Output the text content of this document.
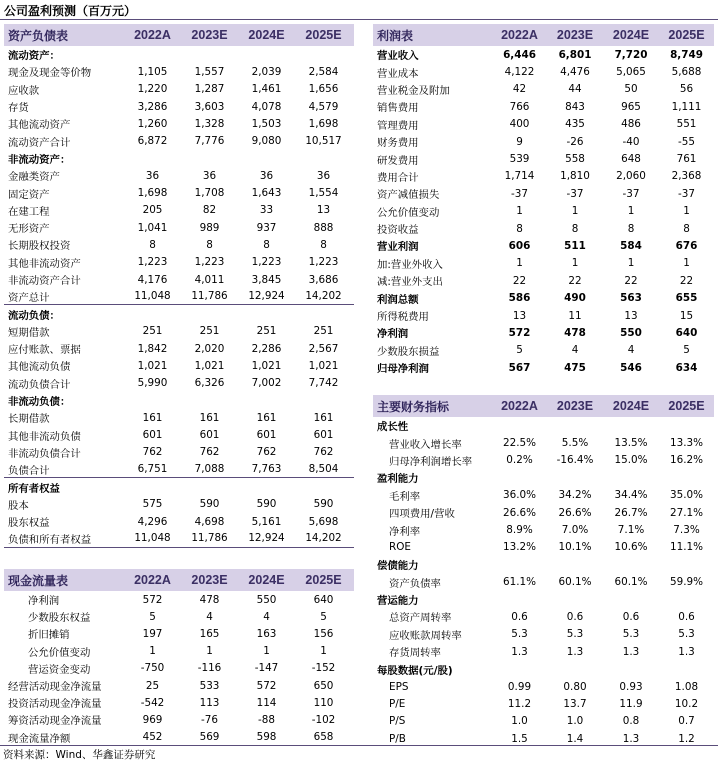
公司盈利预测（百万元）
资产负债表	2022A	2023E	2024E	2025E
流动资产：
现金及现金等价物	1,105	1,557	2,039	2,584
应收款	1,220	1,287	1,461	1,656
存货	3,286	3,603	4,078	4,579
其他流动资产	1,260	1,328	1,503	1,698
流动资产合计	6,872	7,776	9,080	10,517
非流动资产：
金融类资产	36	36	36	36
固定资产	1,698	1,708	1,643	1,554
在建工程	205	82	33	13
无形资产	1,041	989	937	888
长期股权投资	8	8	8	8
其他非流动资产	1,223	1,223	1,223	1,223
非流动资产合计	4,176	4,011	3,845	3,686
资产总计	11,048	11,786	12,924	14,202
流动负债：
短期借款	251	251	251	251
应付账款、票据	1,842	2,020	2,286	2,567
其他流动负债	1,021	1,021	1,021	1,021
流动负债合计	5,990	6,326	7,002	7,742
非流动负债：
长期借款	161	161	161	161
其他非流动负债	601	601	601	601
非流动负债合计	762	762	762	762
负债合计	6,751	7,088	7,763	8,504
所有者权益
股本	575	590	590	590
股东权益	4,296	4,698	5,161	5,698
负债和所有者权益	11,048	11,786	12,924	14,202
现金流量表	2022A	2023E	2024E	2025E
净利润	572	478	550	640
少数股东权益	5	4	4	5
折旧摊销	197	165	163	156
公允价值变动	1	1	1	1
营运资金变动	-750	-116	-147	-152
经营活动现金净流量	25	533	572	650
投资活动现金净流量	-542	113	114	110
筹资活动现金净流量	969	-76	-88	-102
现金流量净额	452	569	598	658
利润表	2022A	2023E	2024E	2025E
营业收入	6,446	6,801	7,720	8,749
营业成本	4,122	4,476	5,065	5,688
营业税金及附加	42	44	50	56
销售费用	766	843	965	1,111
管理费用	400	435	486	551
财务费用	9	-26	-40	-55
研发费用	539	558	648	761
费用合计	1,714	1,810	2,060	2,368
资产减值损失	-37	-37	-37	-37
公允价值变动	1	1	1	1
投资收益	8	8	8	8
营业利润	606	511	584	676
加:营业外收入	1	1	1	1
减:营业外支出	22	22	22	22
利润总额	586	490	563	655
所得税费用	13	11	13	15
净利润	572	478	550	640
少数股东损益	5	4	4	5
归母净利润	567	475	546	634
主要财务指标	2022A	2023E	2024E	2025E
成长性
营业收入增长率	22.5%	5.5%	13.5%	13.3%
归母净利润增长率	0.2%	-16.4%	15.0%	16.2%
盈利能力
毛利率	36.0%	34.2%	34.4%	35.0%
四项费用/营收	26.6%	26.6%	26.7%	27.1%
净利率	8.9%	7.0%	7.1%	7.3%
ROE	13.2%	10.1%	10.6%	11.1%
偿债能力
资产负债率	61.1%	60.1%	60.1%	59.9%
营运能力
总资产周转率	0.6	0.6	0.6	0.6
应收账款周转率	5.3	5.3	5.3	5.3
存货周转率	1.3	1.3	1.3	1.3
每股数据(元/股)
EPS	0.99	0.80	0.93	1.08
P/E	11.2	13.7	11.9	10.2
P/S	1.0	1.0	0.8	0.7
P/B	1.5	1.4	1.3	1.2
资料来源：Wind、华鑫证券研究
